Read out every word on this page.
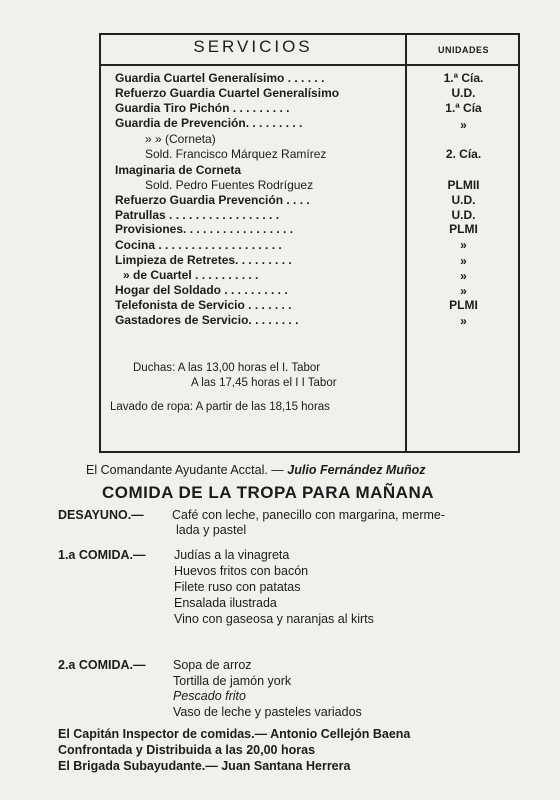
SERVICIOS	UNIDADES
Guardia Cuartel Generalísimo . . . . . .	1.ª Cía.
Refuerzo Guardia Cuartel Generalísimo	U.D.
Guardia Tiro Pichón . . . . . . . . .	1.ª Cía
Guardia de Prevención. . . . . . . . .	»
» » (Corneta)
Sold. Francisco Márquez Ramírez	2. Cía.
Imaginaria de Corneta
Sold. Pedro Fuentes Rodríguez	PLMII
Refuerzo Guardia Prevención . . . .	U.D.
Patrullas . . . . . . . . . . . . . . . . .	U.D.
Provisiones. . . . . . . . . . . . . . . . .	PLMI
Cocina . . . . . . . . . . . . . . . . . . .	»
Limpieza de Retretes. . . . . . . . .	»
» de Cuartel . . . . . . . . . .	»
Hogar del Soldado . . . . . . . . . .	»
Telefonista de Servicio . . . . . . .	PLMI
Gastadores de Servicio. . . . . . . .	»
Duchas: A las 13,00 horas el I. Tabor
A las 17,45 horas el I I Tabor
Lavado de ropa: A partir de las 18,15 horas
El Comandante Ayudante Acctal. — Julio Fernández Muñoz
COMIDA DE LA TROPA PARA MAÑANA
DESAYUNO.— Café con leche, panecillo con margarina, merme-
lada y pastel
1.a COMIDA.— Judías a la vinagreta
Huevos fritos con bacón
Filete ruso con patatas
Ensalada ilustrada
Vino con gaseosa y naranjas al kirts
2.a COMIDA.— Sopa de arroz
Tortilla de jamón york
Pescado frito
Vaso de leche y pasteles variados
El Capitán Inspector de comidas.— Antonio Cellejón Baena
Confrontada y Distribuida a las 20,00 horas
El Brigada Subayudante.— Juan Santana Herrera
